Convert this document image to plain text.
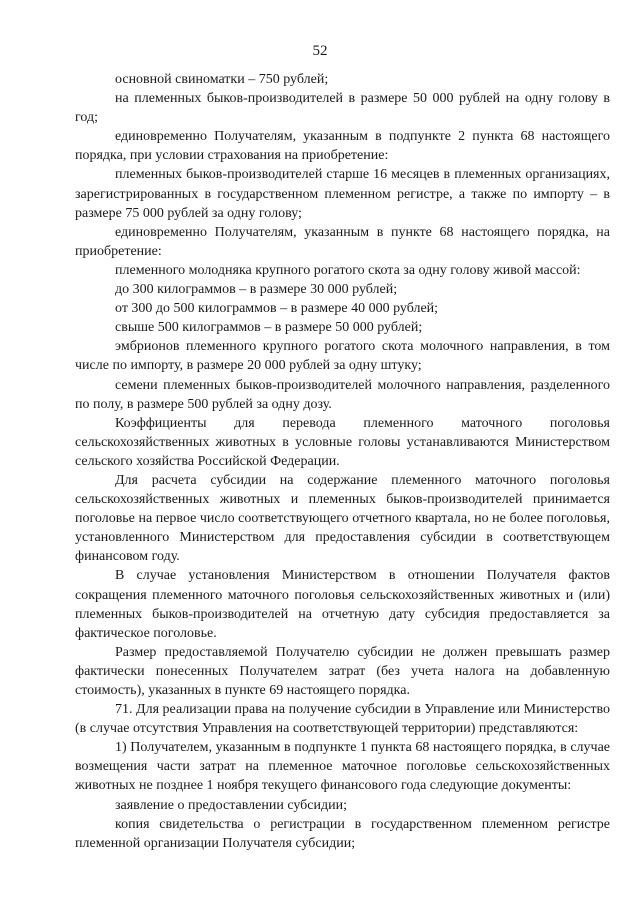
52

основной свиноматки – 750 рублей;

на племенных быков-производителей в размере 50 000 рублей на одну голову в год;

единовременно Получателям, указанным в подпункте 2 пункта 68 настоящего порядка, при условии страхования на приобретение:

племенных быков-производителей старше 16 месяцев в племенных организациях, зарегистрированных в государственном племенном регистре, а также по импорту – в размере 75 000 рублей за одну голову;

единовременно Получателям, указанным в пункте 68 настоящего порядка, на приобретение:

племенного молодняка крупного рогатого скота за одну голову живой массой:

до 300 килограммов – в размере 30 000 рублей;

от 300 до 500 килограммов – в размере 40 000 рублей;

свыше 500 килограммов – в размере 50 000 рублей;

эмбрионов племенного крупного рогатого скота молочного направления, в том числе по импорту, в размере 20 000 рублей за одну штуку;

семени племенных быков-производителей молочного направления, разделенного по полу, в размере 500 рублей за одну дозу.

Коэффициенты для перевода племенного маточного поголовья сельскохозяйственных животных в условные головы устанавливаются Министерством сельского хозяйства Российской Федерации.

Для расчета субсидии на содержание племенного маточного поголовья сельскохозяйственных животных и племенных быков-производителей принимается поголовье на первое число соответствующего отчетного квартала, но не более поголовья, установленного Министерством для предоставления субсидии в соответствующем финансовом году.

В случае установления Министерством в отношении Получателя фактов сокращения племенного маточного поголовья сельскохозяйственных животных и (или) племенных быков-производителей на отчетную дату субсидия предоставляется за фактическое поголовье.

Размер предоставляемой Получателю субсидии не должен превышать размер фактически понесенных Получателем затрат (без учета налога на добавленную стоимость), указанных в пункте 69 настоящего порядка.

71. Для реализации права на получение субсидии в Управление или Министерство (в случае отсутствия Управления на соответствующей территории) представляются:

1) Получателем, указанным в подпункте 1 пункта 68 настоящего порядка, в случае возмещения части затрат на племенное маточное поголовье сельскохозяйственных животных не позднее 1 ноября текущего финансового года следующие документы:

заявление о предоставлении субсидии;

копия свидетельства о регистрации в государственном племенном регистре племенной организации Получателя субсидии;
